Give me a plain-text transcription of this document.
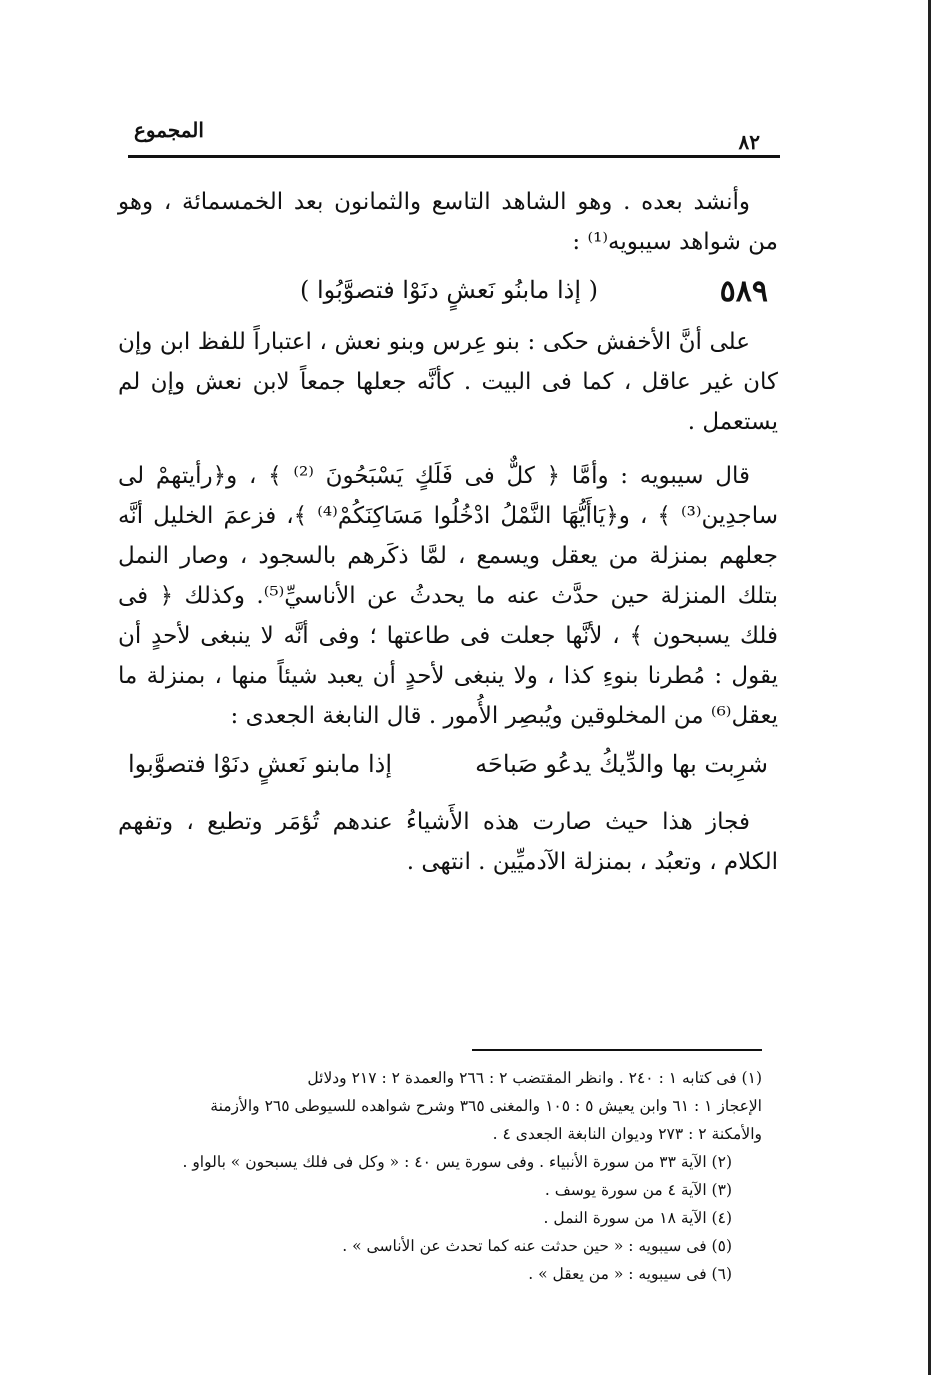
٨٢
المجموع

وأنشد بعده . وهو الشاهد التاسع والثمانون بعد الخمسمائة ، وهو من شواهد سيبويه⁽¹⁾ :

٥٨٩
( إذا مابنُو نَعشٍ دنَوْا فتصوَّبُوا )

على أنَّ الأخفش حكى : بنو عِرس وبنو نعش ، اعتباراً للفظ ابن وإن كان غير عاقل ، كما فى البيت . كأنَّه جعلها جمعاً لابن نعش وإن لم يستعمل .

قال سيبويه : وأمَّا ﴿ كلٌّ فى فَلَكٍ يَسْبَحُونَ ⁽²⁾ ﴾ ، و﴿رأيتهمْ لى ساجدِين⁽³⁾ ﴾ ، و﴿يَاأَيُّهَا النَّمْلُ ادْخُلُوا مَسَاكِنَكُمْ⁽⁴⁾ ﴾، فزعمَ الخليل أنَّه جعلهم بمنزلة من يعقل ويسمع ، لمَّا ذكَرهم بالسجود ، وصار النمل بتلك المنزلة حين حدَّث عنه ما يحدثُ عن الأناسيِّ⁽⁵⁾. وكذلك ﴿ فى فلك يسبحون ﴾ ، لأنَّها جعلت فى طاعتها ؛ وفى أنَّه لا ينبغى لأحدٍ أن يقول : مُطرنا بنوءِ كذا ، ولا ينبغى لأحدٍ أن يعبد شيئاً منها ، بمنزلة ما يعقل⁽⁶⁾ من المخلوقين ويُبصِر الأُمور . قال النابغة الجعدى :

شرِبت بها والدِّيكُ يدعُو صَباحَه
إذا مابنو نَعشٍ دنَوْا فتصوَّبوا

فجاز هذا حيث صارت هذه الأَشياءُ عندهم تُؤمَر وتطيع ، وتفهم الكلام ، وتعبُد ، بمنزلة الآدميِّين . انتهى .

(١) فى كتابه ١ : ٢٤٠ . وانظر المقتضب ٢ : ٢٦٦ والعمدة ٢ : ٢١٧ ودلائل

الإعجاز ١ : ٦١ وابن يعيش ٥ : ١٠٥ والمغنى ٣٦٥ وشرح شواهده للسيوطى ٢٦٥ والأزمنة

والأمكنة ٢ : ٢٧٣ وديوان النابغة الجعدى ٤ .

(٢) الآية ٣٣ من سورة الأنبياء . وفى سورة يس ٤٠ : « وكل فى فلك يسبحون » بالواو .

(٣) الآية ٤ من سورة يوسف .

(٤) الآية ١٨ من سورة النمل .

(٥) فى سيبويه : « حين حدثت عنه كما تحدث عن الأناسى » .

(٦) فى سيبويه : « من يعقل » .
